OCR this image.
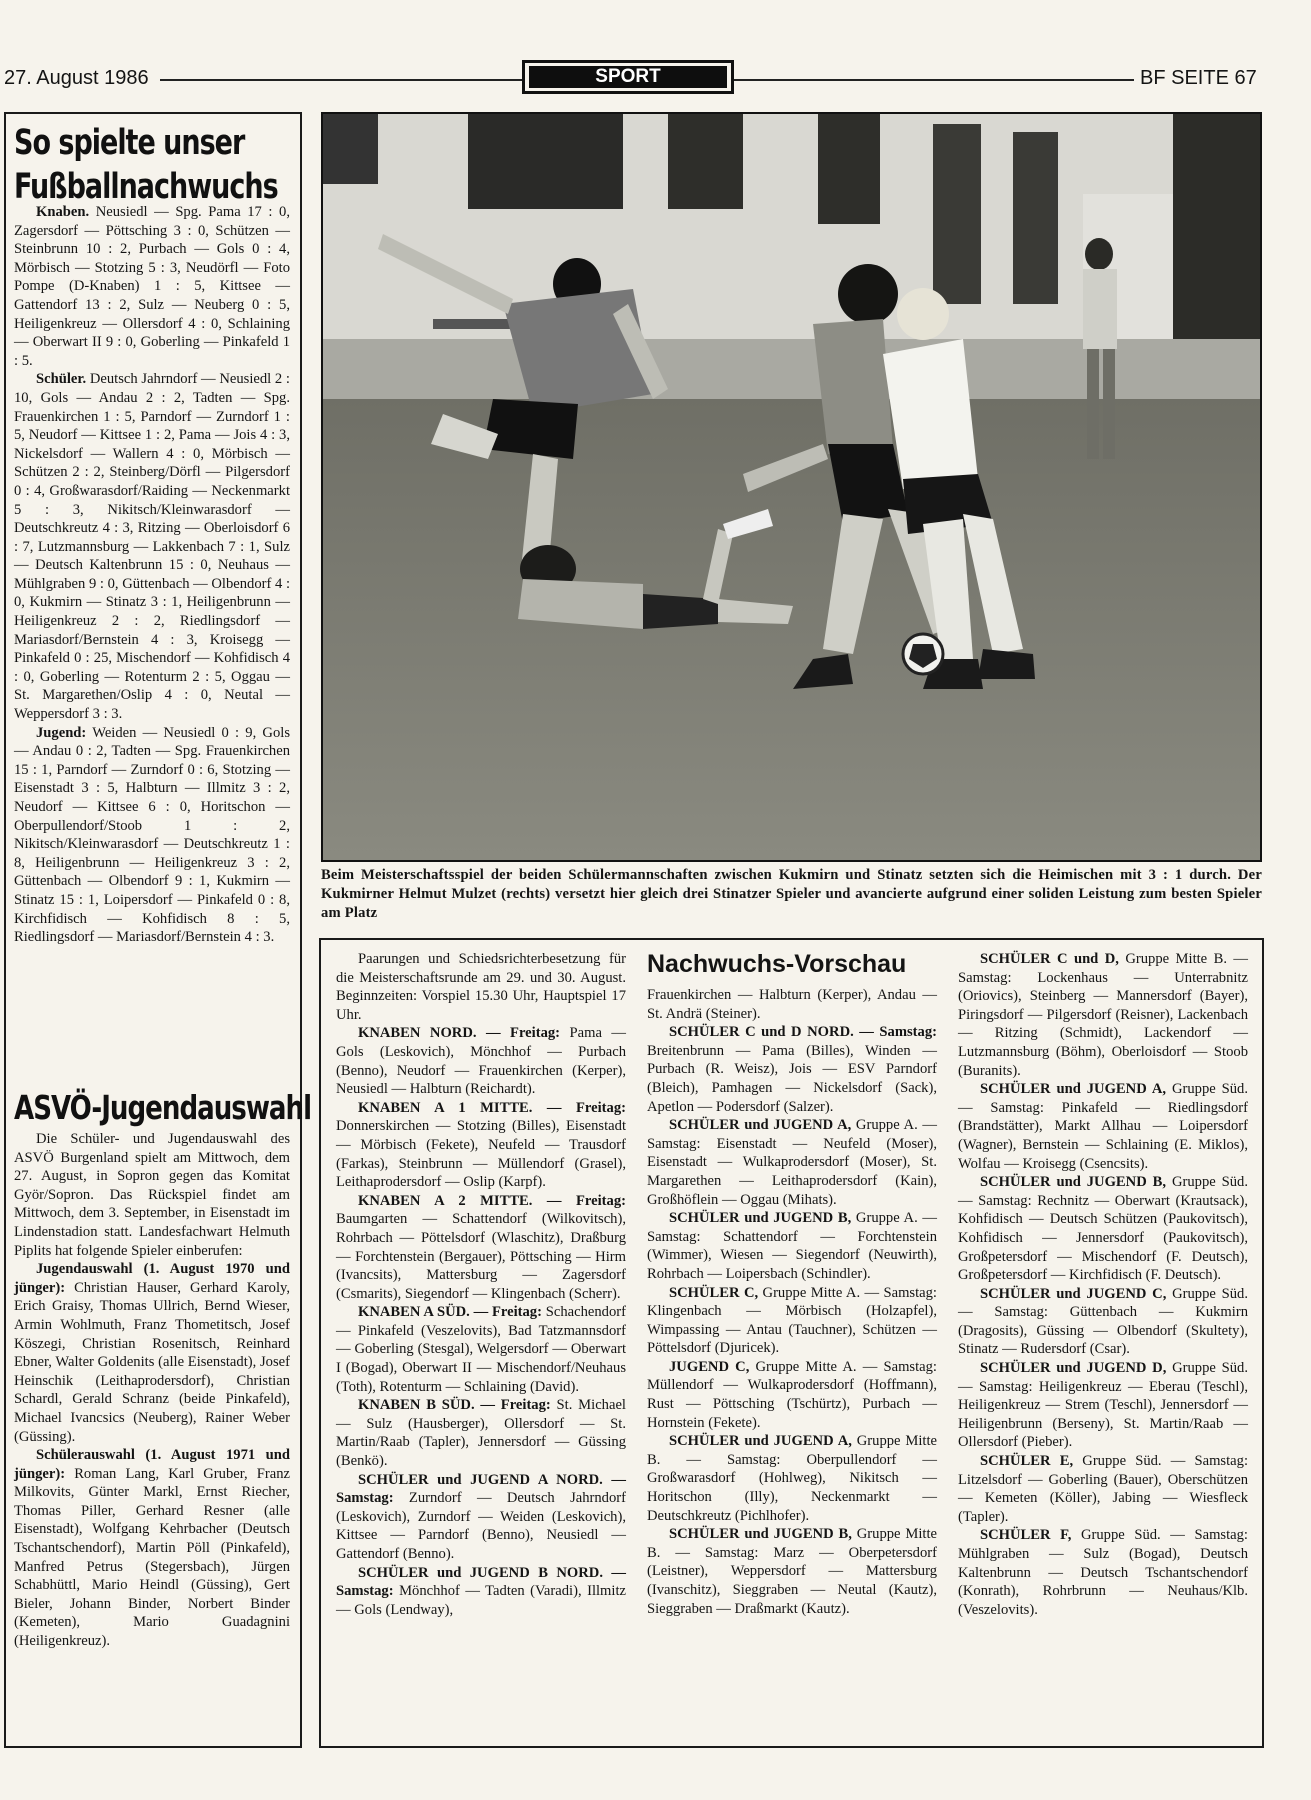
27. August 1986	SPORT	BF SEITE 67
So spielte unser
Fußballnachwuchs

Knaben. Neusiedl — Spg. Pama 17 : 0, Zagersdorf — Pöttsching 3 : 0, Schützen — Steinbrunn 10 : 2, Purbach — Gols 0 : 4, Mörbisch — Stotzing 5 : 3, Neudörfl — Foto Pompe (D-Knaben) 1 : 5, Kittsee — Gattendorf 13 : 2, Sulz — Neuberg 0 : 5, Heiligenkreuz — Ollersdorf 4 : 0, Schlaining — Oberwart II 9 : 0, Goberling — Pinkafeld 1 : 5.

Schüler. Deutsch Jahrndorf — Neusiedl 2 : 10, Gols — Andau 2 : 2, Tadten — Spg. Frauenkirchen 1 : 5, Parndorf — Zurndorf 1 : 5, Neudorf — Kittsee 1 : 2, Pama — Jois 4 : 3, Nickelsdorf — Wallern 4 : 0, Mörbisch — Schützen 2 : 2, Steinberg/Dörfl — Pilgersdorf 0 : 4, Großwarasdorf/Raiding — Neckenmarkt 5 : 3, Nikitsch/Kleinwarasdorf — Deutschkreutz 4 : 3, Ritzing — Oberloisdorf 6 : 7, Lutzmannsburg — Lakkenbach 7 : 1, Sulz — Deutsch Kaltenbrunn 15 : 0, Neuhaus — Mühlgraben 9 : 0, Güttenbach — Olbendorf 4 : 0, Kukmirn — Stinatz 3 : 1, Heiligenbrunn — Heiligenkreuz 2 : 2, Riedlingsdorf — Mariasdorf/Bernstein 4 : 3, Kroisegg — Pinkafeld 0 : 25, Mischendorf — Kohfidisch 4 : 0, Goberling — Rotenturm 2 : 5, Oggau — St. Margarethen/Oslip 4 : 0, Neutal — Weppersdorf 3 : 3.

Jugend: Weiden — Neusiedl 0 : 9, Gols — Andau 0 : 2, Tadten — Spg. Frauenkirchen 15 : 1, Parndorf — Zurndorf 0 : 6, Stotzing — Eisenstadt 3 : 5, Halbturn — Illmitz 3 : 2, Neudorf — Kittsee 6 : 0, Horitschon — Oberpullendorf/Stoob 1 : 2, Nikitsch/Kleinwarasdorf — Deutschkreutz 1 : 8, Heiligenbrunn — Heiligenkreuz 3 : 2, Güttenbach — Olbendorf 9 : 1, Kukmirn — Stinatz 15 : 1, Loipersdorf — Pinkafeld 0 : 8, Kirchfidisch — Kohfidisch 8 : 5, Riedlingsdorf — Mariasdorf/Bernstein 4 : 3.

ASVÖ-Jugendauswahl

Die Schüler- und Jugendauswahl des ASVÖ Burgenland spielt am Mittwoch, dem 27. August, in Sopron gegen das Komitat Györ/Sopron. Das Rückspiel findet am Mittwoch, dem 3. September, in Eisenstadt im Lindenstadion statt. Landesfachwart Helmuth Piplits hat folgende Spieler einberufen:

Jugendauswahl (1. August 1970 und jünger): Christian Hauser, Gerhard Karoly, Erich Graisy, Thomas Ullrich, Bernd Wieser, Armin Wohlmuth, Franz Thometitsch, Josef Köszegi, Christian Rosenitsch, Reinhard Ebner, Walter Goldenits (alle Eisenstadt), Josef Heinschik (Leithaprodersdorf), Christian Schardl, Gerald Schranz (beide Pinkafeld), Michael Ivancsics (Neuberg), Rainer Weber (Güssing).

Schülerauswahl (1. August 1971 und jünger): Roman Lang, Karl Gruber, Franz Milkovits, Günter Markl, Ernst Riecher, Thomas Piller, Gerhard Resner (alle Eisenstadt), Wolfgang Kehrbacher (Deutsch Tschantschendorf), Martin Pöll (Pinkafeld), Manfred Petrus (Stegersbach), Jürgen Schabhüttl, Mario Heindl (Güssing), Gert Bieler, Johann Binder, Norbert Binder (Kemeten), Mario Guadagnini (Heiligenkreuz).

Beim Meisterschaftsspiel der beiden Schülermannschaften zwischen Kukmirn und Stinatz setzten sich die Heimischen mit 3 : 1 durch. Der Kukmirner Helmut Mulzet (rechts) versetzt hier gleich drei Stinatzer Spieler und avancierte aufgrund einer soliden Leistung zum besten Spieler am Platz
Nachwuchs-Vorschau

Paarungen und Schiedsrichterbesetzung für die Meisterschaftsrunde am 29. und 30. August. Beginnzeiten: Vorspiel 15.30 Uhr, Hauptspiel 17 Uhr.

KNABEN NORD. — Freitag: Pama — Gols (Leskovich), Mönchhof — Purbach (Benno), Neudorf — Frauenkirchen (Kerper), Neusiedl — Halbturn (Reichardt).

KNABEN A 1 MITTE. — Freitag: Donnerskirchen — Stotzing (Billes), Eisenstadt — Mörbisch (Fekete), Neufeld — Trausdorf (Farkas), Steinbrunn — Müllendorf (Grasel), Leithaprodersdorf — Oslip (Karpf).

KNABEN A 2 MITTE. — Freitag: Baumgarten — Schattendorf (Wilkovitsch), Rohrbach — Pöttelsdorf (Wlaschitz), Draßburg — Forchtenstein (Bergauer), Pöttsching — Hirm (Ivancsits), Mattersburg — Zagersdorf (Csmarits), Siegendorf — Klingenbach (Scherr).

KNABEN A SÜD. — Freitag: Schachendorf — Pinkafeld (Veszelovits), Bad Tatzmannsdorf — Goberling (Stesgal), Welgersdorf — Oberwart I (Bogad), Oberwart II — Mischendorf/Neuhaus (Toth), Rotenturm — Schlaining (David).

KNABEN B SÜD. — Freitag: St. Michael — Sulz (Hausberger), Ollersdorf — St. Martin/Raab (Tapler), Jennersdorf — Güssing (Benkö).

SCHÜLER und JUGEND A NORD. — Samstag: Zurndorf — Deutsch Jahrndorf (Leskovich), Zurndorf — Weiden (Leskovich), Kittsee — Parndorf (Benno), Neusiedl — Gattendorf (Benno).

SCHÜLER und JUGEND B NORD. — Samstag: Mönchhof — Tadten (Varadi), Illmitz — Gols (Lendway),

Frauenkirchen — Halbturn (Kerper), Andau — St. Andrä (Steiner).

SCHÜLER C und D NORD. — Samstag: Breitenbrunn — Pama (Billes), Winden — Purbach (R. Weisz), Jois — ESV Parndorf (Bleich), Pamhagen — Nickelsdorf (Sack), Apetlon — Podersdorf (Salzer).

SCHÜLER und JUGEND A, Gruppe A. — Samstag: Eisenstadt — Neufeld (Moser), Eisenstadt — Wulkaprodersdorf (Moser), St. Margarethen — Leithaprodersdorf (Kain), Großhöflein — Oggau (Mihats).

SCHÜLER und JUGEND B, Gruppe A. — Samstag: Schattendorf — Forchtenstein (Wimmer), Wiesen — Siegendorf (Neuwirth), Rohrbach — Loipersbach (Schindler).

SCHÜLER C, Gruppe Mitte A. — Samstag: Klingenbach — Mörbisch (Holzapfel), Wimpassing — Antau (Tauchner), Schützen — Pöttelsdorf (Djuricek).

JUGEND C, Gruppe Mitte A. — Samstag: Müllendorf — Wulkaprodersdorf (Hoffmann), Rust — Pöttsching (Tschürtz), Purbach — Hornstein (Fekete).

SCHÜLER und JUGEND A, Gruppe Mitte B. — Samstag: Oberpullendorf — Großwarasdorf (Hohlweg), Nikitsch — Horitschon (Illy), Neckenmarkt — Deutschkreutz (Pichlhofer).

SCHÜLER und JUGEND B, Gruppe Mitte B. — Samstag: Marz — Oberpetersdorf (Leistner), Weppersdorf — Mattersburg (Ivanschitz), Sieggraben — Neutal (Kautz), Sieggraben — Draßmarkt (Kautz).

SCHÜLER C und D, Gruppe Mitte B. — Samstag: Lockenhaus — Unterrabnitz (Oriovics), Steinberg — Mannersdorf (Bayer), Piringsdorf — Pilgersdorf (Reisner), Lackenbach — Ritzing (Schmidt), Lackendorf — Lutzmannsburg (Böhm), Oberloisdorf — Stoob (Buranits).

SCHÜLER und JUGEND A, Gruppe Süd. — Samstag: Pinkafeld — Riedlingsdorf (Brandstätter), Markt Allhau — Loipersdorf (Wagner), Bernstein — Schlaining (E. Miklos), Wolfau — Kroisegg (Csencsits).

SCHÜLER und JUGEND B, Gruppe Süd. — Samstag: Rechnitz — Oberwart (Krautsack), Kohfidisch — Deutsch Schützen (Paukovitsch), Kohfidisch — Jennersdorf (Paukovitsch), Großpetersdorf — Mischendorf (F. Deutsch), Großpetersdorf — Kirchfidisch (F. Deutsch).

SCHÜLER und JUGEND C, Gruppe Süd. — Samstag: Güttenbach — Kukmirn (Dragosits), Güssing — Olbendorf (Skultety), Stinatz — Rudersdorf (Csar).

SCHÜLER und JUGEND D, Gruppe Süd. — Samstag: Heiligenkreuz — Eberau (Teschl), Heiligenkreuz — Strem (Teschl), Jennersdorf — Heiligenbrunn (Berseny), St. Martin/Raab — Ollersdorf (Pieber).

SCHÜLER E, Gruppe Süd. — Samstag: Litzelsdorf — Goberling (Bauer), Oberschützen — Kemeten (Köller), Jabing — Wiesfleck (Tapler).

SCHÜLER F, Gruppe Süd. — Samstag: Mühlgraben — Sulz (Bogad), Deutsch Kaltenbrunn — Deutsch Tschantschendorf (Konrath), Rohrbrunn — Neuhaus/Klb. (Veszelovits).
